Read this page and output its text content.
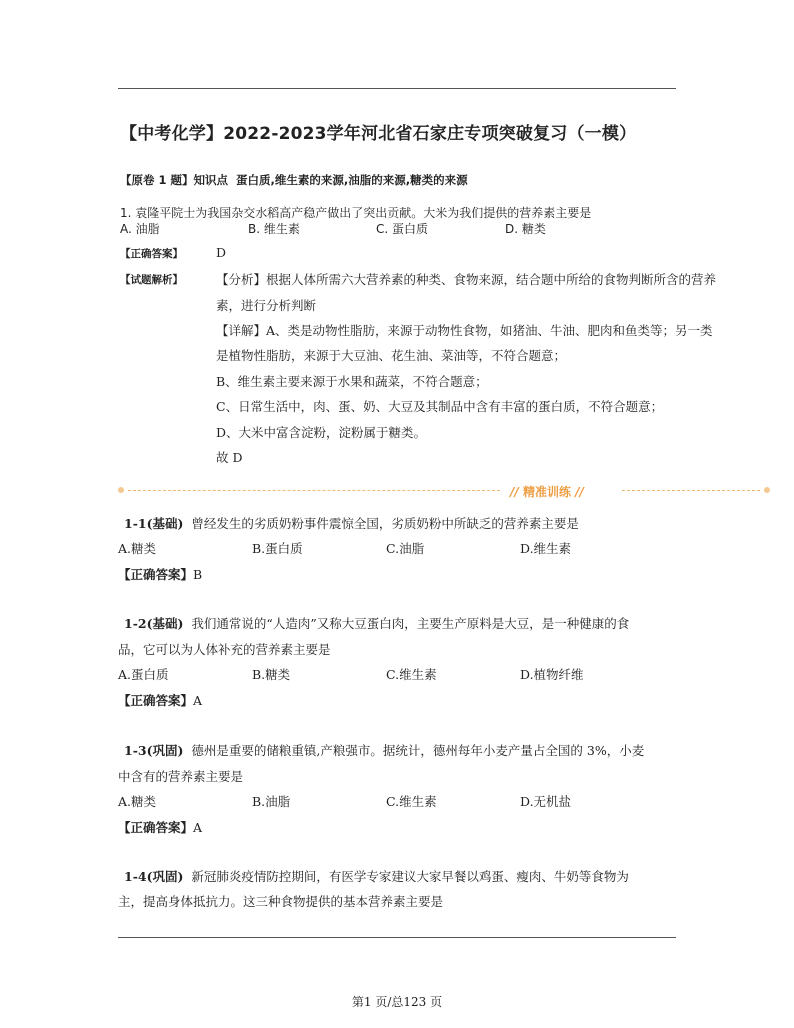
【中考化学】2022-2023学年河北省石家庄专项突破复习（一模）
【原卷 1 题】知识点 蛋白质,维生素的来源,油脂的来源,糖类的来源
1. 袁隆平院士为我国杂交水稻高产稳产做出了突出贡献。大米为我们提供的营养素主要是
A. 油脂	B. 维生素	C. 蛋白质	D. 糖类
【正确答案】	D
【试题解析】	【分析】根据人体所需六大营养素的种类、食物来源，结合题中所给的食物判断所含的营养
素，进行分析判断
【详解】A、类是动物性脂肪，来源于动物性食物，如猪油、牛油、肥肉和鱼类等；另一类
是植物性脂肪，来源于大豆油、花生油、菜油等，不符合题意；
B、维生素主要来源于水果和蔬菜，不符合题意；
C、日常生活中，肉、蛋、奶、大豆及其制品中含有丰富的蛋白质，不符合题意；
D、大米中富含淀粉，淀粉属于糖类。
故 D
// 精准训练 //
1-1(基础) 曾经发生的劣质奶粉事件震惊全国，劣质奶粉中所缺乏的营养素主要是
A.糖类	B.蛋白质	C.油脂	D.维生素
【正确答案】B
1-2(基础) 我们通常说的“人造肉”又称大豆蛋白肉，主要生产原料是大豆，是一种健康的食
品，它可以为人体补充的营养素主要是
A.蛋白质	B.糖类	C.维生素	D.植物纤维
【正确答案】A
1-3(巩固) 德州是重要的储粮重镇,产粮强市。据统计，德州每年小麦产量占全国的 3%，小麦
中含有的营养素主要是
A.糖类	B.油脂	C.维生素	D.无机盐
【正确答案】A
1-4(巩固) 新冠肺炎疫情防控期间，有医学专家建议大家早餐以鸡蛋、瘦肉、牛奶等食物为
主，提高身体抵抗力。这三种食物提供的基本营养素主要是
第1 页/总123 页
